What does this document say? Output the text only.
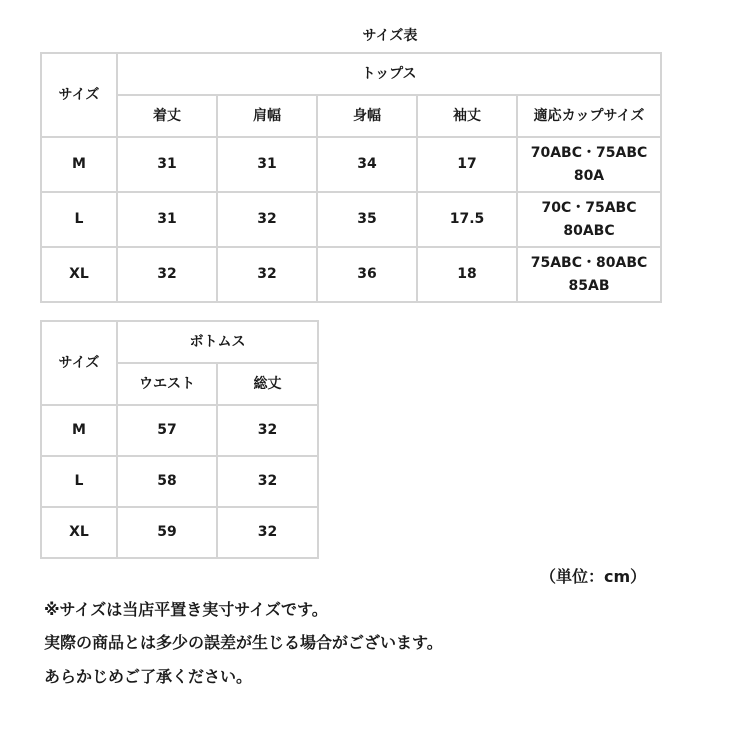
サイズ表
サイズ	トップス				
	着丈	肩幅	身幅	袖丈	適応カップサイズ
M	31	31	34	17	70ABC・75ABC
80A

L	31	32	35	17.5	70C・75ABC
80ABC

XL	32	32	36	18	75ABC・80ABC
85AB
サイズ	ボトムス	
	ウエスト	総丈
M	57	32
L	58	32
XL	59	32
（単位：cm）
※サイズは当店平置き実寸サイズです。
実際の商品とは多少の誤差が生じる場合がございます。
あらかじめご了承ください。
